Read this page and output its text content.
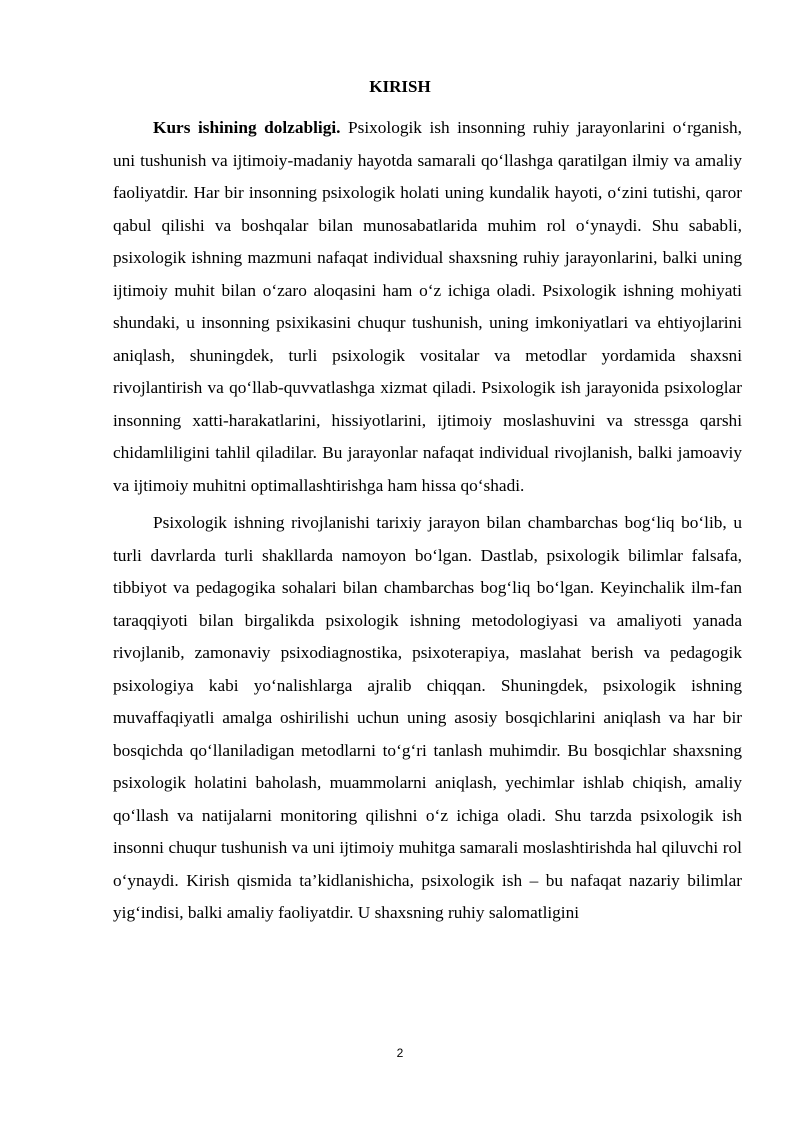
KIRISH

Kurs ishining dolzabligi. Psixologik ish insonning ruhiy jarayonlarini o‘rganish, uni tushunish va ijtimoiy-madaniy hayotda samarali qo‘llashga qaratilgan ilmiy va amaliy faoliyatdir. Har bir insonning psixologik holati uning kundalik hayoti, o‘zini tutishi, qaror qabul qilishi va boshqalar bilan munosabatlarida muhim rol o‘ynaydi. Shu sababli, psixologik ishning mazmuni nafaqat individual shaxsning ruhiy jarayonlarini, balki uning ijtimoiy muhit bilan o‘zaro aloqasini ham o‘z ichiga oladi. Psixologik ishning mohiyati shundaki, u insonning psixikasini chuqur tushunish, uning imkoniyatlari va ehtiyojlarini aniqlash, shuningdek, turli psixologik vositalar va metodlar yordamida shaxsni rivojlantirish va qo‘llab-quvvatlashga xizmat qiladi. Psixologik ish jarayonida psixologlar insonning xatti-harakatlarini, hissiyotlarini, ijtimoiy moslashuvini va stressga qarshi chidamliligini tahlil qiladilar. Bu jarayonlar nafaqat individual rivojlanish, balki jamoaviy va ijtimoiy muhitni optimallashtirishga ham hissa qo‘shadi.

Psixologik ishning rivojlanishi tarixiy jarayon bilan chambarchas bog‘liq bo‘lib, u turli davrlarda turli shakllarda namoyon bo‘lgan. Dastlab, psixologik bilimlar falsafa, tibbiyot va pedagogika sohalari bilan chambarchas bog‘liq bo‘lgan. Keyinchalik ilm-fan taraqqiyoti bilan birgalikda psixologik ishning metodologiyasi va amaliyoti yanada rivojlanib, zamonaviy psixodiagnostika, psixoterapiya, maslahat berish va pedagogik psixologiya kabi yo‘nalishlarga ajralib chiqqan. Shuningdek, psixologik ishning muvaffaqiyatli amalga oshirilishi uchun uning asosiy bosqichlarini aniqlash va har bir bosqichda qo‘llaniladigan metodlarni to‘g‘ri tanlash muhimdir. Bu bosqichlar shaxsning psixologik holatini baholash, muammolarni aniqlash, yechimlar ishlab chiqish, amaliy qo‘llash va natijalarni monitoring qilishni o‘z ichiga oladi. Shu tarzda psixologik ish insonni chuqur tushunish va uni ijtimoiy muhitga samarali moslashtirishda hal qiluvchi rol o‘ynaydi. Kirish qismida ta’kidlanishicha, psixologik ish – bu nafaqat nazariy bilimlar yig‘indisi, balki amaliy faoliyatdir. U shaxsning ruhiy salomatligini

2
